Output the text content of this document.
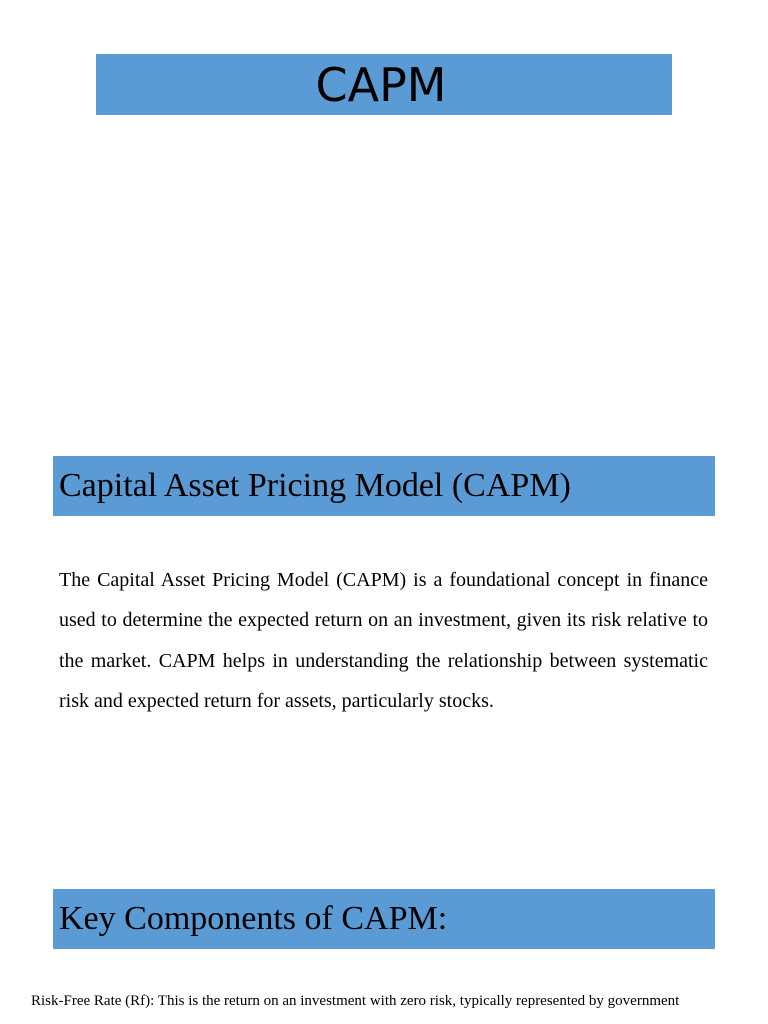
CAPM
Capital Asset Pricing Model (CAPM)

The Capital Asset Pricing Model (CAPM) is a foundational concept in finance used to determine the expected return on an investment, given its risk relative to the market. CAPM helps in understanding the relationship between systematic risk and expected return for assets, particularly stocks.

Key Components of CAPM:

Risk-Free Rate (Rf): This is the return on an investment with zero risk, typically represented by government
